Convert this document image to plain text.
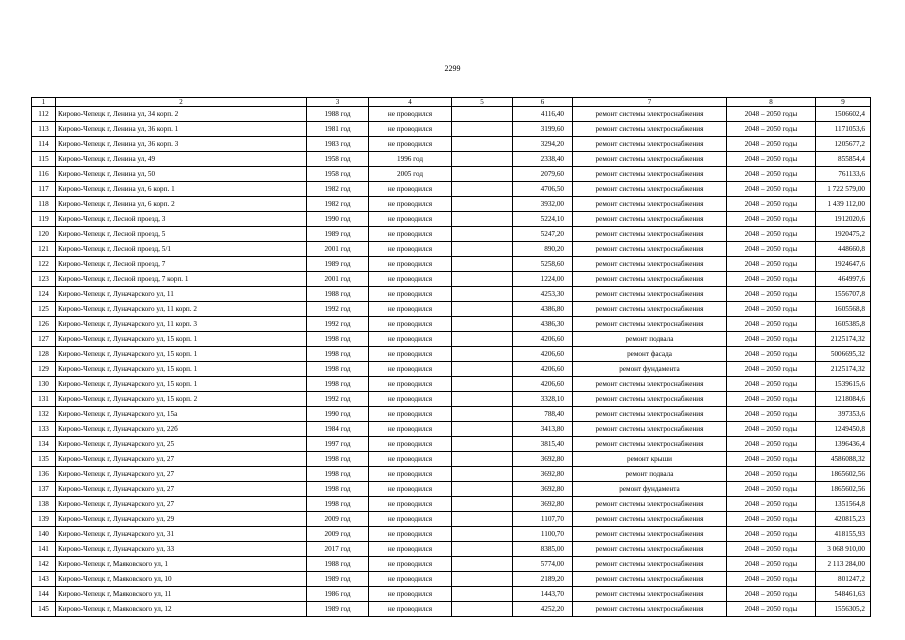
2299
1	2	3	4	5	6	7	8	9
112	Кирово-Чепецк г, Ленина ул, 34 корп. 2	1988 год	не проводился		4116,40	ремонт системы электроснабжения	2048 – 2050 годы	1506602,4
113	Кирово-Чепецк г, Ленина ул, 36 корп. 1	1981 год	не проводился		3199,60	ремонт системы электроснабжения	2048 – 2050 годы	1171053,6
114	Кирово-Чепецк г, Ленина ул, 36 корп. 3	1983 год	не проводился		3294,20	ремонт системы электроснабжения	2048 – 2050 годы	1205677,2
115	Кирово-Чепецк г, Ленина ул, 49	1958 год	1996 год		2338,40	ремонт системы электроснабжения	2048 – 2050 годы	855854,4
116	Кирово-Чепецк г, Ленина ул, 50	1958 год	2005 год		2079,60	ремонт системы электроснабжения	2048 – 2050 годы	761133,6
117	Кирово-Чепецк г, Ленина ул, 6 корп. 1	1982 год	не проводился		4706,50	ремонт системы электроснабжения	2048 – 2050 годы	1 722 579,00
118	Кирово-Чепецк г, Ленина ул, 6 корп. 2	1982 год	не проводился		3932,00	ремонт системы электроснабжения	2048 – 2050 годы	1 439 112,00
119	Кирово-Чепецк г, Лесной проезд, 3	1990 год	не проводился		5224,10	ремонт системы электроснабжения	2048 – 2050 годы	1912020,6
120	Кирово-Чепецк г, Лесной проезд, 5	1989 год	не проводился		5247,20	ремонт системы электроснабжения	2048 – 2050 годы	1920475,2
121	Кирово-Чепецк г, Лесной проезд, 5/1	2001 год	не проводился		890,20	ремонт системы электроснабжения	2048 – 2050 годы	448660,8
122	Кирово-Чепецк г, Лесной проезд, 7	1989 год	не проводился		5258,60	ремонт системы электроснабжения	2048 – 2050 годы	1924647,6
123	Кирово-Чепецк г, Лесной проезд, 7 корп. 1	2001 год	не проводился		1224,00	ремонт системы электроснабжения	2048 – 2050 годы	464997,6
124	Кирово-Чепецк г, Луначарского ул, 11	1988 год	не проводился		4253,30	ремонт системы электроснабжения	2048 – 2050 годы	1556707,8
125	Кирово-Чепецк г, Луначарского ул, 11 корп. 2	1992 год	не проводился		4386,80	ремонт системы электроснабжения	2048 – 2050 годы	1605568,8
126	Кирово-Чепецк г, Луначарского ул, 11 корп. 3	1992 год	не проводился		4386,30	ремонт системы электроснабжения	2048 – 2050 годы	1605385,8
127	Кирово-Чепецк г, Луначарского ул, 15 корп. 1	1998 год	не проводился		4206,60	ремонт подвала	2048 – 2050 годы	2125174,32
128	Кирово-Чепецк г, Луначарского ул, 15 корп. 1	1998 год	не проводился		4206,60	ремонт фасада	2048 – 2050 годы	5006695,32
129	Кирово-Чепецк г, Луначарского ул, 15 корп. 1	1998 год	не проводился		4206,60	ремонт фундамента	2048 – 2050 годы	2125174,32
130	Кирово-Чепецк г, Луначарского ул, 15 корп. 1	1998 год	не проводился		4206,60	ремонт системы электроснабжения	2048 – 2050 годы	1539615,6
131	Кирово-Чепецк г, Луначарского ул, 15 корп. 2	1992 год	не проводился		3328,10	ремонт системы электроснабжения	2048 – 2050 годы	1218084,6
132	Кирово-Чепецк г, Луначарского ул, 15а	1990 год	не проводился		788,40	ремонт системы электроснабжения	2048 – 2050 годы	397353,6
133	Кирово-Чепецк г, Луначарского ул, 22б	1984 год	не проводился		3413,80	ремонт системы электроснабжения	2048 – 2050 годы	1249450,8
134	Кирово-Чепецк г, Луначарского ул, 25	1997 год	не проводился		3815,40	ремонт системы электроснабжения	2048 – 2050 годы	1396436,4
135	Кирово-Чепецк г, Луначарского ул, 27	1998 год	не проводился		3692,80	ремонт крыши	2048 – 2050 годы	4586088,32
136	Кирово-Чепецк г, Луначарского ул, 27	1998 год	не проводился		3692,80	ремонт подвала	2048 – 2050 годы	1865602,56
137	Кирово-Чепецк г, Луначарского ул, 27	1998 год	не проводился		3692,80	ремонт фундамента	2048 – 2050 годы	1865602,56
138	Кирово-Чепецк г, Луначарского ул, 27	1998 год	не проводился		3692,80	ремонт системы электроснабжения	2048 – 2050 годы	1351564,8
139	Кирово-Чепецк г, Луначарского ул, 29	2009 год	не проводился		1107,70	ремонт системы электроснабжения	2048 – 2050 годы	420815,23
140	Кирово-Чепецк г, Луначарского ул, 31	2009 год	не проводился		1100,70	ремонт системы электроснабжения	2048 – 2050 годы	418155,93
141	Кирово-Чепецк г, Луначарского ул, 33	2017 год	не проводился		8385,00	ремонт системы электроснабжения	2048 – 2050 годы	3 068 910,00
142	Кирово-Чепецк г, Маяковского ул, 1	1988 год	не проводился		5774,00	ремонт системы электроснабжения	2048 – 2050 годы	2 113 284,00
143	Кирово-Чепецк г, Маяковского ул, 10	1989 год	не проводился		2189,20	ремонт системы электроснабжения	2048 – 2050 годы	801247,2
144	Кирово-Чепецк г, Маяковского ул, 11	1986 год	не проводился		1443,70	ремонт системы электроснабжения	2048 – 2050 годы	548461,63
145	Кирово-Чепецк г, Маяковского ул, 12	1989 год	не проводился		4252,20	ремонт системы электроснабжения	2048 – 2050 годы	1556305,2
